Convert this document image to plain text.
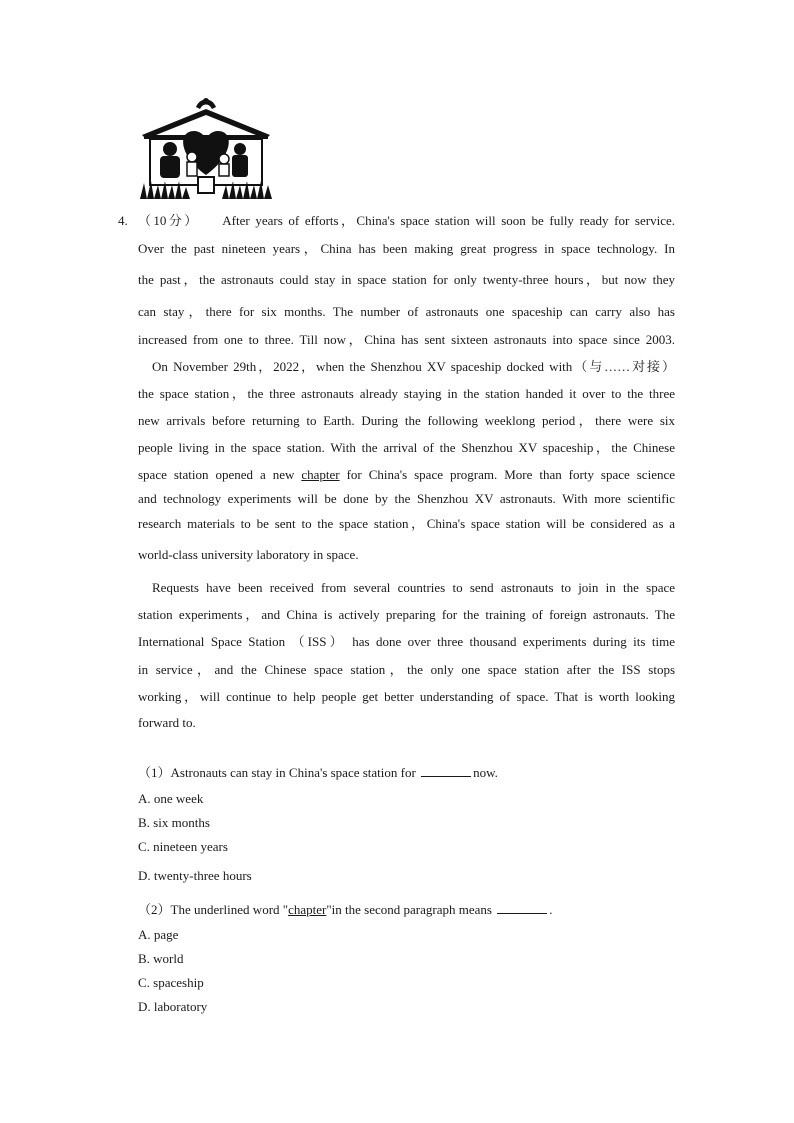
4. （10分） After years of efforts，China's space station will soon be fully ready for service.
Over the past nineteen years，China has been making great progress in space technology. In
the past，the astronauts could stay in space station for only twenty-three hours，but now they
can stay，there for six months. The number of astronauts one spaceship can carry also has
increased from one to three. Till now，China has sent sixteen astronauts into space since 2003.
On November 29th，2022，when the Shenzhou XV spaceship docked with（与……对接）
the space station，the three astronauts already staying in the station handed it over to the three
new arrivals before returning to Earth. During the following weeklong period，there were six
people living in the space station. With the arrival of the Shenzhou XV spaceship，the Chinese
space station opened a new chapter for China's space program. More than forty space science
and technology experiments will be done by the Shenzhou XV astronauts. With more scientific
research materials to be sent to the space station，China's space station will be considered as a
world-class university laboratory in space.
Requests have been received from several countries to send astronauts to join in the space
station experiments，and China is actively preparing for the training of foreign astronauts. The
International Space Station （ISS） has done over three thousand experiments during its time
in service，and the Chinese space station，the only one space station after the ISS stops
working，will continue to help people get better understanding of space. That is worth looking
forward to.
（1）Astronauts can stay in China's space station for	now.
A. one week
B. six months
C. nineteen years
D. twenty-three hours
（2）The underlined word "chapter"in the second paragraph means	.
A. page
B. world
C. spaceship
D. laboratory
